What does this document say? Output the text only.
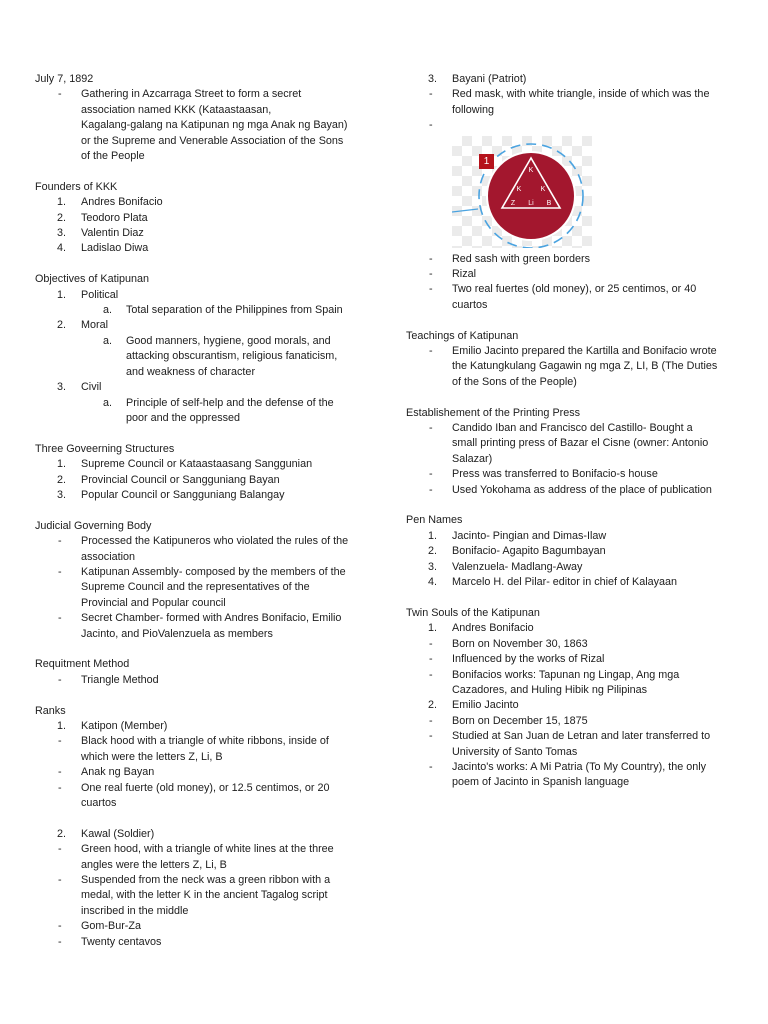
July 7, 1892
- Gathering in Azcarraga Street to form a secret
association named KKK (Kataastaasan,
Kagalang-galang na Katipunan ng mga Anak ng Bayan)
or the Supreme and Venerable Association of the Sons
of the People
Founders of KKK
1. Andres Bonifacio
2. Teodoro Plata
3. Valentin Diaz
4. Ladislao Diwa
Objectives of Katipunan
1. Political
a. Total separation of the Philippines from Spain
2. Moral
a. Good manners, hygiene, good morals, and
attacking obscurantism, religious fanaticism,
and weakness of character
3. Civil
a. Principle of self-help and the defense of the
poor and the oppressed
Three Goveerning Structures
1. Supreme Council or Kataastaasang Sanggunian
2. Provincial Council or Sangguniang Bayan
3. Popular Council or Sangguniang Balangay
Judicial Governing Body
- Processed the Katipuneros who violated the rules of the
association
- Katipunan Assembly- composed by the members of the
Supreme Council and the representatives of the
Provincial and Popular council
- Secret Chamber- formed with Andres Bonifacio, Emilio
Jacinto, and PioValenzuela as members
Requitment Method
- Triangle Method
Ranks
1. Katipon (Member)
- Black hood with a triangle of white ribbons, inside of
which were the letters Z, Li, B
- Anak ng Bayan
- One real fuerte (old money), or 12.5 centimos, or 20
cuartos
2. Kawal (Soldier)
- Green hood, with a triangle of white lines at the three
angles were the letters Z, Li, B
- Suspended from the neck was a green ribbon with a
medal, with the letter K in the ancient Tagalog script
inscribed in the middle
- Gom-Bur-Za
- Twenty centavos
3. Bayani (Patriot)
- Red mask, with white triangle, inside of which was the
following
-

K
K	K
Z Li B
1
- Red sash with green borders
- Rizal
- Two real fuertes (old money), or 25 centimos, or 40
cuartos
Teachings of Katipunan
- Emilio Jacinto prepared the Kartilla and Bonifacio wrote
the Katungkulang Gagawin ng mga Z, LI, B (The Duties
of the Sons of the People)
Establishement of the Printing Press
- Candido Iban and Francisco del Castillo- Bought a
small printing press of Bazar el Cisne (owner: Antonio
Salazar)
- Press was transferred to Bonifacio-s house
- Used Yokohama as address of the place of publication
Pen Names
1. Jacinto- Pingian and Dimas-Ilaw
2. Bonifacio- Agapito Bagumbayan
3. Valenzuela- Madlang-Away
4. Marcelo H. del Pilar- editor in chief of Kalayaan
Twin Souls of the Katipunan
1. Andres Bonifacio
- Born on November 30, 1863
- Influenced by the works of Rizal
- Bonifacios works: Tapunan ng Lingap, Ang mga
Cazadores, and Huling Hibik ng Pilipinas
2. Emilio Jacinto
- Born on December 15, 1875
- Studied at San Juan de Letran and later transferred to
University of Santo Tomas
- Jacinto's works: A Mi Patria (To My Country), the only
poem of Jacinto in Spanish language
